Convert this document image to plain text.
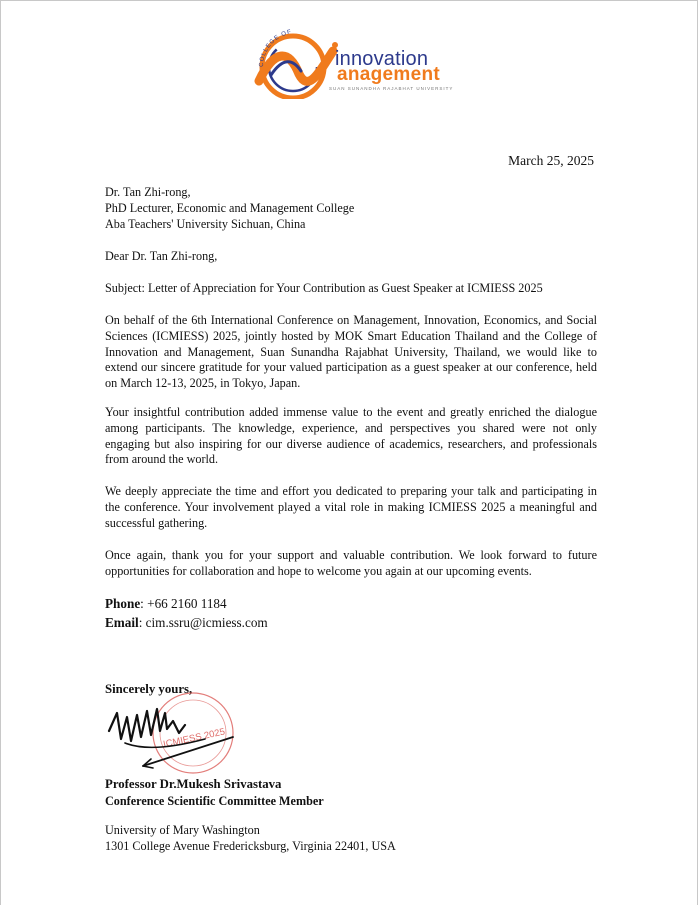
COLLEGE OF
innovation
anagement
SUAN SUNANDHA RAJABHAT UNIVERSITY
March 25, 2025
Dr. Tan Zhi-rong,
PhD Lecturer, Economic and Management College
Aba Teachers' University Sichuan, China
Dear Dr. Tan Zhi-rong,
Subject: Letter of Appreciation for Your Contribution as Guest Speaker at ICMIESS 2025
On behalf of the 6th International Conference on Management, Innovation, Economics, and Social Sciences (ICMIESS) 2025, jointly hosted by MOK Smart Education Thailand and the College of Innovation and Management, Suan Sunandha Rajabhat University, Thailand, we would like to extend our sincere gratitude for your valued participation as a guest speaker at our conference, held on March 12-13, 2025, in Tokyo, Japan.
Your insightful contribution added immense value to the event and greatly enriched the dialogue among participants. The knowledge, experience, and perspectives you shared were not only engaging but also inspiring for our diverse audience of academics, researchers, and professionals from around the world.
We deeply appreciate the time and effort you dedicated to preparing your talk and participating in the conference. Your involvement played a vital role in making ICMIESS 2025 a meaningful and successful gathering.
Once again, thank you for your support and valuable contribution. We look forward to future opportunities for collaboration and hope to welcome you again at our upcoming events.
Phone: +66 2160 1184
Email: cim.ssru@icmiess.com
Sincerely yours,
ICMIESS 2025
Professor Dr.Mukesh Srivastava
Conference Scientific Committee Member
University of Mary Washington
1301 College Avenue Fredericksburg, Virginia 22401, USA
